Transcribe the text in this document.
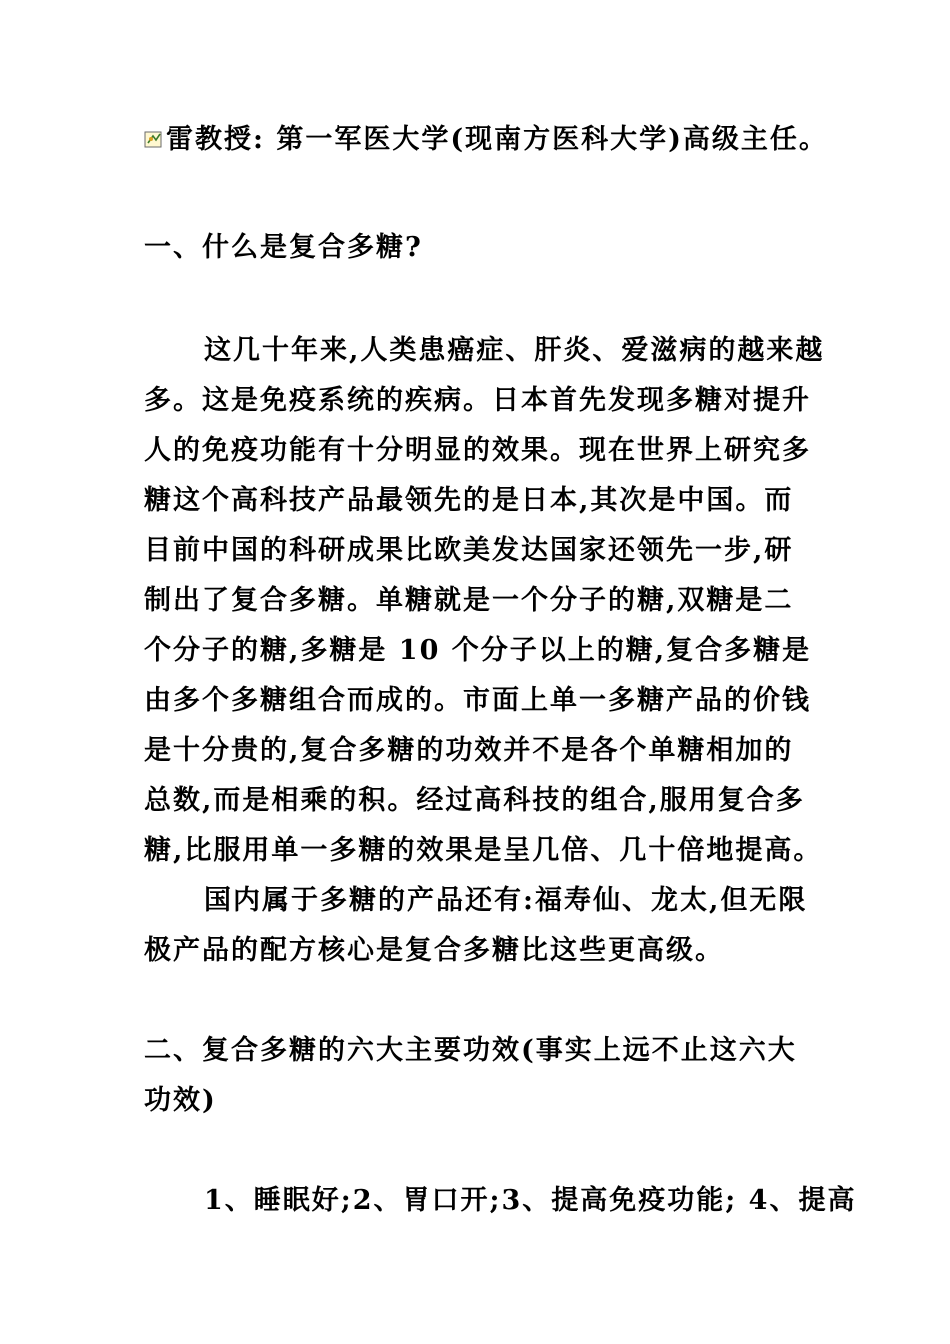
雷教授: 第一军医大学(现南方医科大学)高级主任。
一、什么是复合多糖?
这几十年来,人类患癌症、肝炎、爱滋病的越来越
多。这是免疫系统的疾病。日本首先发现多糖对提升
人的免疫功能有十分明显的效果。现在世界上研究多
糖这个高科技产品最领先的是日本,其次是中国。而
目前中国的科研成果比欧美发达国家还领先一步,研
制出了复合多糖。单糖就是一个分子的糖,双糖是二
个分子的糖,多糖是 10 个分子以上的糖,复合多糖是
由多个多糖组合而成的。市面上单一多糖产品的价钱
是十分贵的,复合多糖的功效并不是各个单糖相加的
总数,而是相乘的积。经过高科技的组合,服用复合多
糖,比服用单一多糖的效果是呈几倍、几十倍地提高。
国内属于多糖的产品还有:福寿仙、龙太,但无限
极产品的配方核心是复合多糖比这些更高级。
二、复合多糖的六大主要功效(事实上远不止这六大
功效)
1、睡眠好;2、胃口开;3、提高免疫功能; 4、提高
